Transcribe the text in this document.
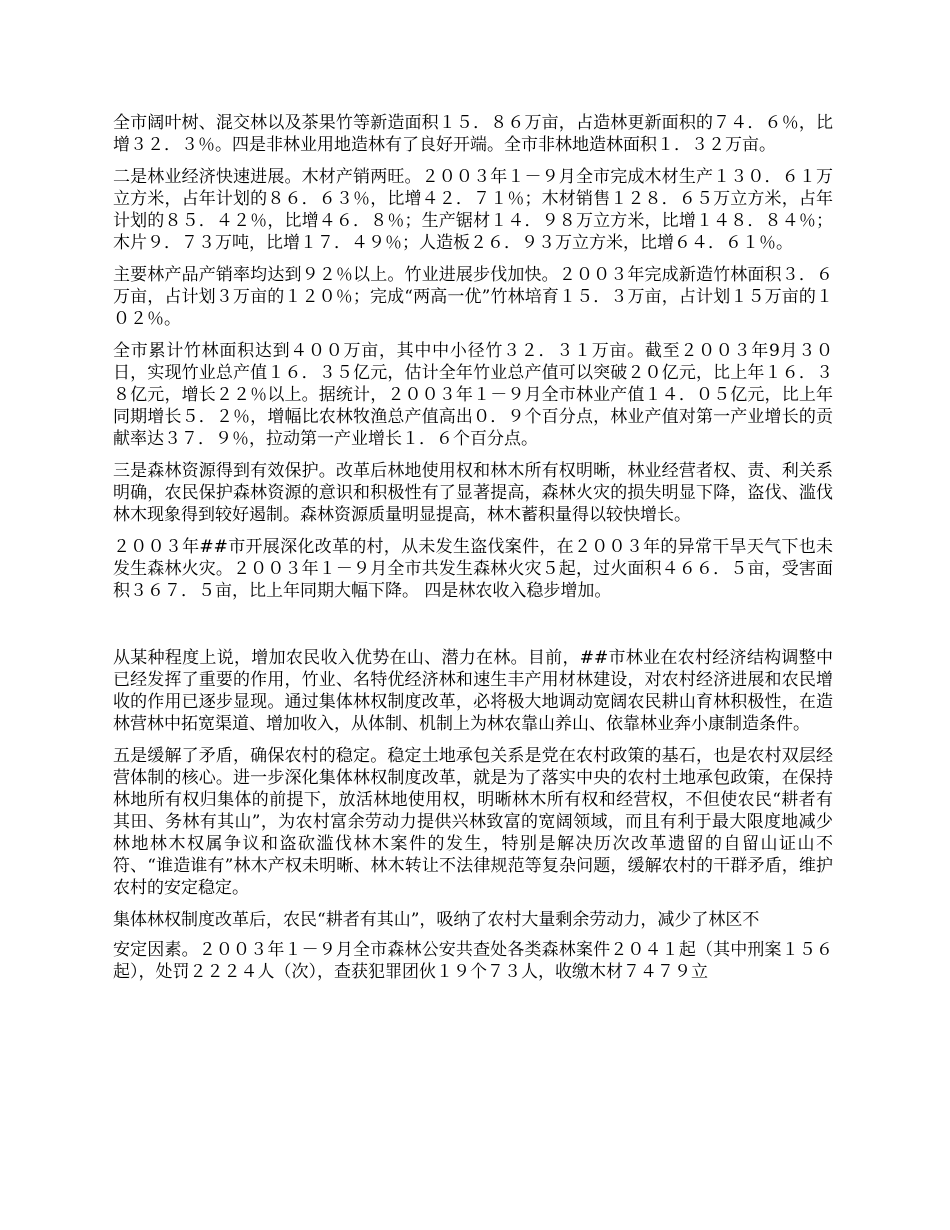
全市阔叶树、混交林以及茶果竹等新造面积１５．８６万亩，占造林更新面积的７４．６％，比增３２．３％。四是非林业用地造林有了良好开端。全市非林地造林面积１．３２万亩。

二是林业经济快速进展。木材产销两旺。２００３年１－９月全市完成木材生产１３０．６１万立方米，占年计划的８６．６３％，比增４２．７１％；木材销售１２８．６５万立方米，占年计划的８５．４２％，比增４６．８％；生产锯材１４．９８万立方米，比增１４８．８４％；木片９．７３万吨，比增１７．４９％；人造板２６．９３万立方米，比增６４．６１％。

主要林产品产销率均达到９２％以上。竹业进展步伐加快。２００３年完成新造竹林面积３．６万亩，占计划３万亩的１２０％；完成“两高一优”竹林培育１５．３万亩，占计划１５万亩的１０２％。

全市累计竹林面积达到４００万亩，其中中小径竹３２．３１万亩。截至２００３年9月３０日，实现竹业总产值１６．３５亿元，估计全年竹业总产值可以突破２０亿元，比上年１６．３８亿元，增长２２％以上。据统计，２００３年１－９月全市林业产值１４．０５亿元，比上年同期增长５．２％，增幅比农林牧渔总产值高出０．９个百分点，林业产值对第一产业增长的贡献率达３７．９％，拉动第一产业增长１．６个百分点。

三是森林资源得到有效保护。改革后林地使用权和林木所有权明晰，林业经营者权、责、利关系明确，农民保护森林资源的意识和积极性有了显著提高，森林火灾的损失明显下降，盗伐、滥伐林木现象得到较好遏制。森林资源质量明显提高，林木蓄积量得以较快增长。

２００３年##市开展深化改革的村，从未发生盗伐案件，在２００３年的异常干旱天气下也未发生森林火灾。２００３年１－９月全市共发生森林火灾５起，过火面积４６６．５亩，受害面积３６７．５亩，比上年同期大幅下降。 四是林农收入稳步增加。

从某种程度上说，增加农民收入优势在山、潜力在林。目前，##市林业在农村经济结构调整中已经发挥了重要的作用，竹业、名特优经济林和速生丰产用材林建设，对农村经济进展和农民增收的作用已逐步显现。通过集体林权制度改革，必将极大地调动宽阔农民耕山育林积极性，在造林营林中拓宽渠道、增加收入，从体制、机制上为林农靠山养山、依靠林业奔小康制造条件。

五是缓解了矛盾，确保农村的稳定。稳定土地承包关系是党在农村政策的基石，也是农村双层经营体制的核心。进一步深化集体林权制度改革，就是为了落实中央的农村土地承包政策，在保持林地所有权归集体的前提下，放活林地使用权，明晰林木所有权和经营权，不但使农民“耕者有其田、务林有其山”，为农村富余劳动力提供兴林致富的宽阔领域，而且有利于最大限度地减少林地林木权属争议和盗砍滥伐林木案件的发生，特别是解决历次改革遗留的自留山证山不符、“谁造谁有”林木产权未明晰、林木转让不法律规范等复杂问题，缓解农村的干群矛盾，维护农村的安定稳定。

集体林权制度改革后，农民“耕者有其山”，吸纳了农村大量剩余劳动力，减少了林区不

安定因素。２００３年１－９月全市森林公安共查处各类森林案件２０４１起（其中刑案１５６起），处罚２２２４人（次），查获犯罪团伙１９个７３人，收缴木材７４７９立
